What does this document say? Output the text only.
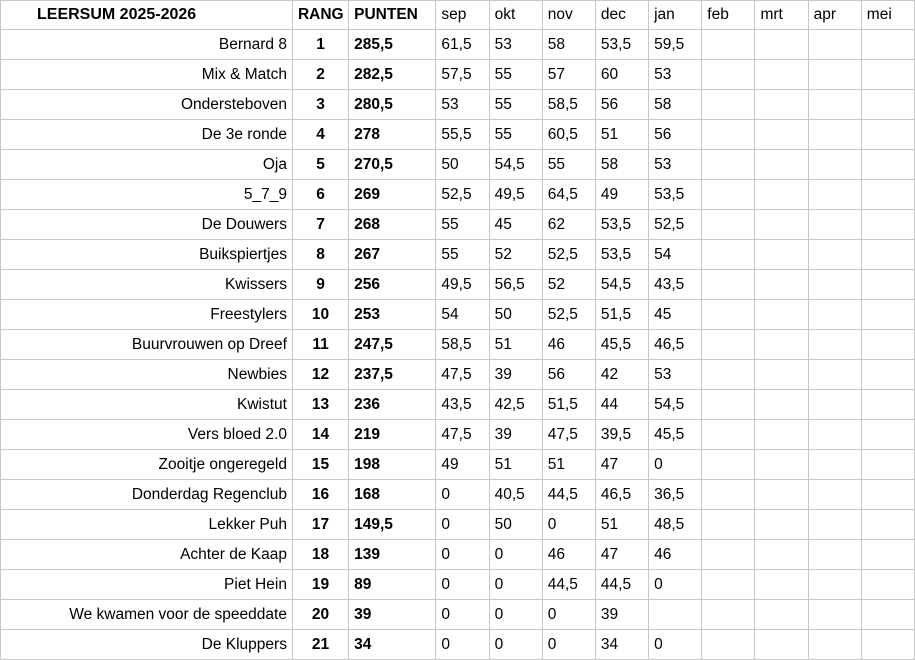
LEERSUM 2025-2026	RANG	PUNTEN	sep	okt	nov	dec	jan	feb	mrt	apr	mei
Bernard 8	1	285,5	61,5	53	58	53,5	59,5				
Mix & Match	2	282,5	57,5	55	57	60	53				
Ondersteboven	3	280,5	53	55	58,5	56	58				
De 3e ronde	4	278	55,5	55	60,5	51	56				
Oja	5	270,5	50	54,5	55	58	53				
5_7_9	6	269	52,5	49,5	64,5	49	53,5				
De Douwers	7	268	55	45	62	53,5	52,5				
Buikspiertjes	8	267	55	52	52,5	53,5	54				
Kwissers	9	256	49,5	56,5	52	54,5	43,5				
Freestylers	10	253	54	50	52,5	51,5	45				
Buurvrouwen op Dreef	11	247,5	58,5	51	46	45,5	46,5				
Newbies	12	237,5	47,5	39	56	42	53				
Kwistut	13	236	43,5	42,5	51,5	44	54,5				
Vers bloed 2.0	14	219	47,5	39	47,5	39,5	45,5				
Zooitje ongeregeld	15	198	49	51	51	47	0				
Donderdag Regenclub	16	168	0	40,5	44,5	46,5	36,5				
Lekker Puh	17	149,5	0	50	0	51	48,5				
Achter de Kaap	18	139	0	0	46	47	46				
Piet Hein	19	89	0	0	44,5	44,5	0				
We kwamen voor de speeddate	20	39	0	0	0	39					
De Kluppers	21	34	0	0	0	34	0				
